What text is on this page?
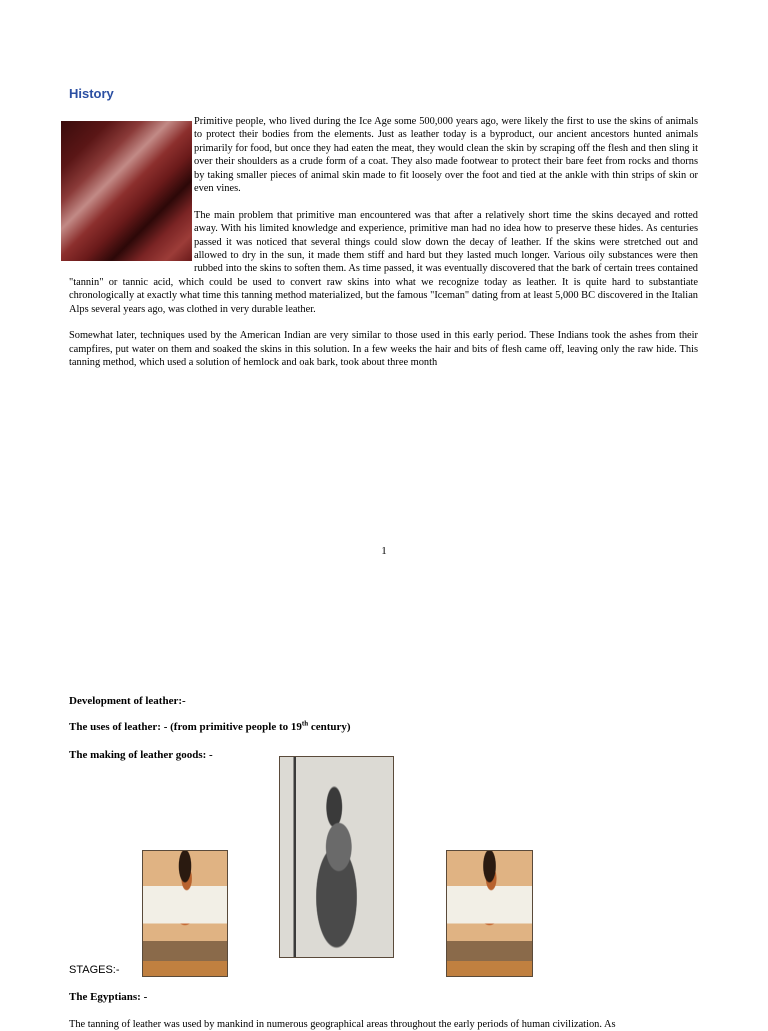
History

Primitive people, who lived during the Ice Age some 500,000 years ago, were likely the first to use the skins of animals to protect their bodies from the elements. Just as leather today is a byproduct, our ancient ancestors hunted animals primarily for food, but once they had eaten the meat, they would clean the skin by scraping off the flesh and then sling it over their shoulders as a crude form of a coat. They also made footwear to protect their bare feet from rocks and thorns by taking smaller pieces of animal skin made to fit loosely over the foot and tied at the ankle with thin strips of skin or even vines.

The main problem that primitive man encountered was that after a relatively short time the skins decayed and rotted away. With his limited knowledge and experience, primitive man had no idea how to preserve these hides. As centuries passed it was noticed that several things could slow down the decay of leather. If the skins were stretched out and allowed to dry in the sun, it made them stiff and hard but they lasted much longer. Various oily substances were then rubbed into the skins to soften them. As time passed, it was eventually discovered that the bark of certain trees contained "tannin" or tannic acid, which could be used to convert raw skins into what we recognize today as leather. It is quite hard to substantiate chronologically at exactly what time this tanning method materialized, but the famous "Iceman" dating from at least 5,000 BC discovered in the Italian Alps several years ago, was clothed in very durable leather.

Somewhat later, techniques used by the American Indian are very similar to those used in this early period. These Indians took the ashes from their campfires, put water on them and soaked the skins in this solution. In a few weeks the hair and bits of flesh came off, leaving only the raw hide. This tanning method, which used a solution of hemlock and oak bark, took about three month

1
Development of leather:-
The uses of leather: - (from primitive people to 19th century)
The making of leather goods: -
STAGES:-
The Egyptians: -
The tanning of leather was used by mankind in numerous geographical areas throughout the early periods of human civilization. As
